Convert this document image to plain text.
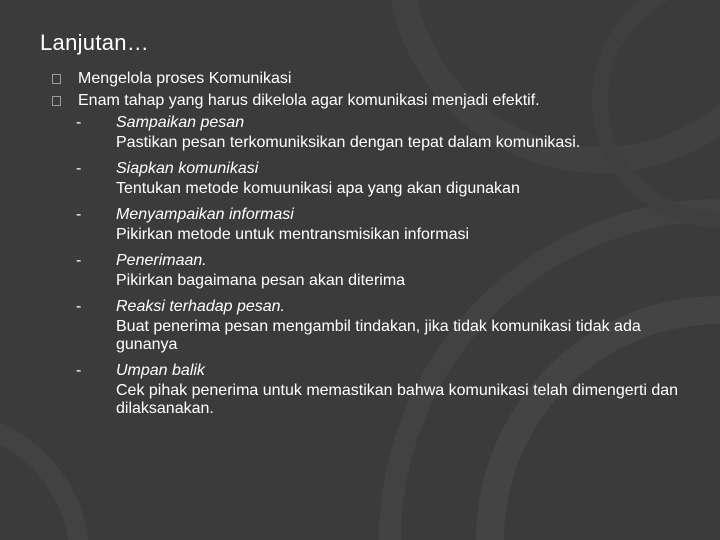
Lanjutan…
Mengelola proses Komunikasi
Enam tahap yang harus dikelola agar komunikasi menjadi efektif.
- Sampaikan pesan
Pastikan pesan terkomuniksikan dengan tepat dalam komunikasi.
- Siapkan komunikasi
Tentukan metode komuunikasi apa yang akan digunakan
- Menyampaikan informasi
Pikirkan metode untuk mentransmisikan informasi
- Penerimaan.
Pikirkan bagaimana pesan akan diterima
- Reaksi terhadap pesan.
Buat penerima pesan mengambil tindakan, jika tidak komunikasi tidak ada gunanya
- Umpan balik
Cek pihak penerima untuk memastikan bahwa komunikasi telah dimengerti dan dilaksanakan.
